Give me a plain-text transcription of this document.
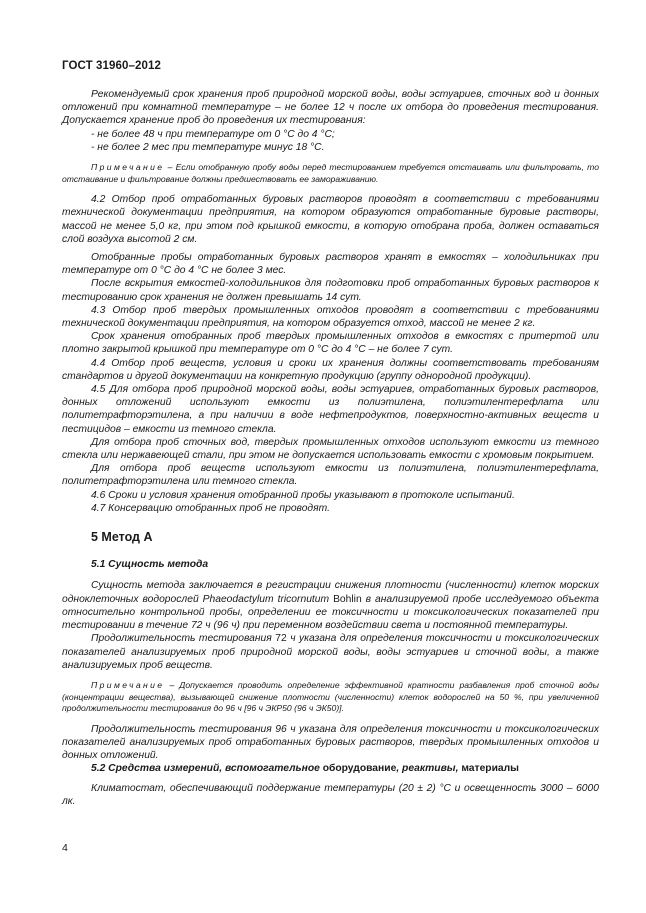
ГОСТ 31960–2012

Рекомендуемый срок хранения проб природной морской воды, воды эстуариев, сточных вод и донных отложений при комнатной температуре – не более 12 ч после их отбора до проведения тестирования. Допускается хранение проб до проведения их тестирования:

- не более 48 ч при температуре от 0 °С до 4 °С;

- не более 2 мес при температуре минус 18 °С.

Примечание – Если отобранную пробу воды перед тестированием требуется отстаивать или фильтровать, то отстаивание и фильтрование должны предшествовать ее замораживанию.

4.2 Отбор проб отработанных буровых растворов проводят в соответствии с требованиями технической документации предприятия, на котором образуются отработанные буровые растворы, массой не менее 5,0 кг, при этом под крышкой емкости, в которую отобрана проба, должен оставаться слой воздуха высотой 2 см.

Отобранные пробы отработанных буровых растворов хранят в емкостях – холодильниках при температуре от 0 °С до 4 °С не более 3 мес.

После вскрытия емкостей-холодильников для подготовки проб отработанных буровых растворов к тестированию срок хранения не должен превышать 14 сут.

4.3 Отбор проб твердых промышленных отходов проводят в соответствии с требованиями технической документации предприятия, на котором образуется отход, массой не менее 2 кг.

Срок хранения отобранных проб твердых промышленных отходов в емкостях с притертой или плотно закрытой крышкой при температуре от 0 °С до 4 °С – не более 7 сут.

4.4 Отбор проб веществ, условия и сроки их хранения должны соответствовать требованиям стандартов и другой документации на конкретную продукцию (группу однородной продукции).

4.5 Для отбора проб природной морской воды, воды эстуариев, отработанных буровых растворов, донных отложений используют емкости из полиэтилена, полиэтилентерефлата или политетрафторэтилена, а при наличии в воде нефтепродуктов, поверхностно-активных веществ и пестицидов – емкости из темного стекла.

Для отбора проб сточных вод, твердых промышленных отходов используют емкости из темного стекла или нержавеющей стали, при этом не допускается использовать емкости с хромовым покрытием.

Для отбора проб веществ используют емкости из полиэтилена, полиэтилентерефлата, политетрафторэтилена или темного стекла.

4.6 Сроки и условия хранения отобранной пробы указывают в протоколе испытаний.

4.7 Консервацию отобранных проб не проводят.

5 Метод А

5.1 Сущность метода

Сущность метода заключается в регистрации снижения плотности (численности) клеток морских одноклеточных водорослей Phaeodactylum tricornutum Bohlin в анализируемой пробе исследуемого объекта относительно контрольной пробы, определении ее токсичности и токсикологических показателей при тестировании в течение 72 ч (96 ч) при переменном воздействии света и постоянной температуры.

Продолжительность тестирования 72 ч указана для определения токсичности и токсикологических показателей анализируемых проб природной морской воды, воды эстуариев и сточной воды, а также анализируемых проб веществ.

Примечание – Допускается проводить определение эффективной кратности разбавления проб сточной воды (концентрации вещества), вызывающей снижение плотности (численности) клеток водорослей на 50 %, при увеличенной продолжительности тестирования до 96 ч [96 ч ЭКР50 (96 ч ЭК50)].

Продолжительность тестирования 96 ч указана для определения токсичности и токсикологических показателей анализируемых проб отработанных буровых растворов, твердых промышленных отходов и донных отложений.

5.2 Средства измерений, вспомогательное оборудование, реактивы, материалы

Климатостат, обеспечивающий поддержание температуры (20 ± 2) °С и освещенность 3000 – 6000 лк.

4
